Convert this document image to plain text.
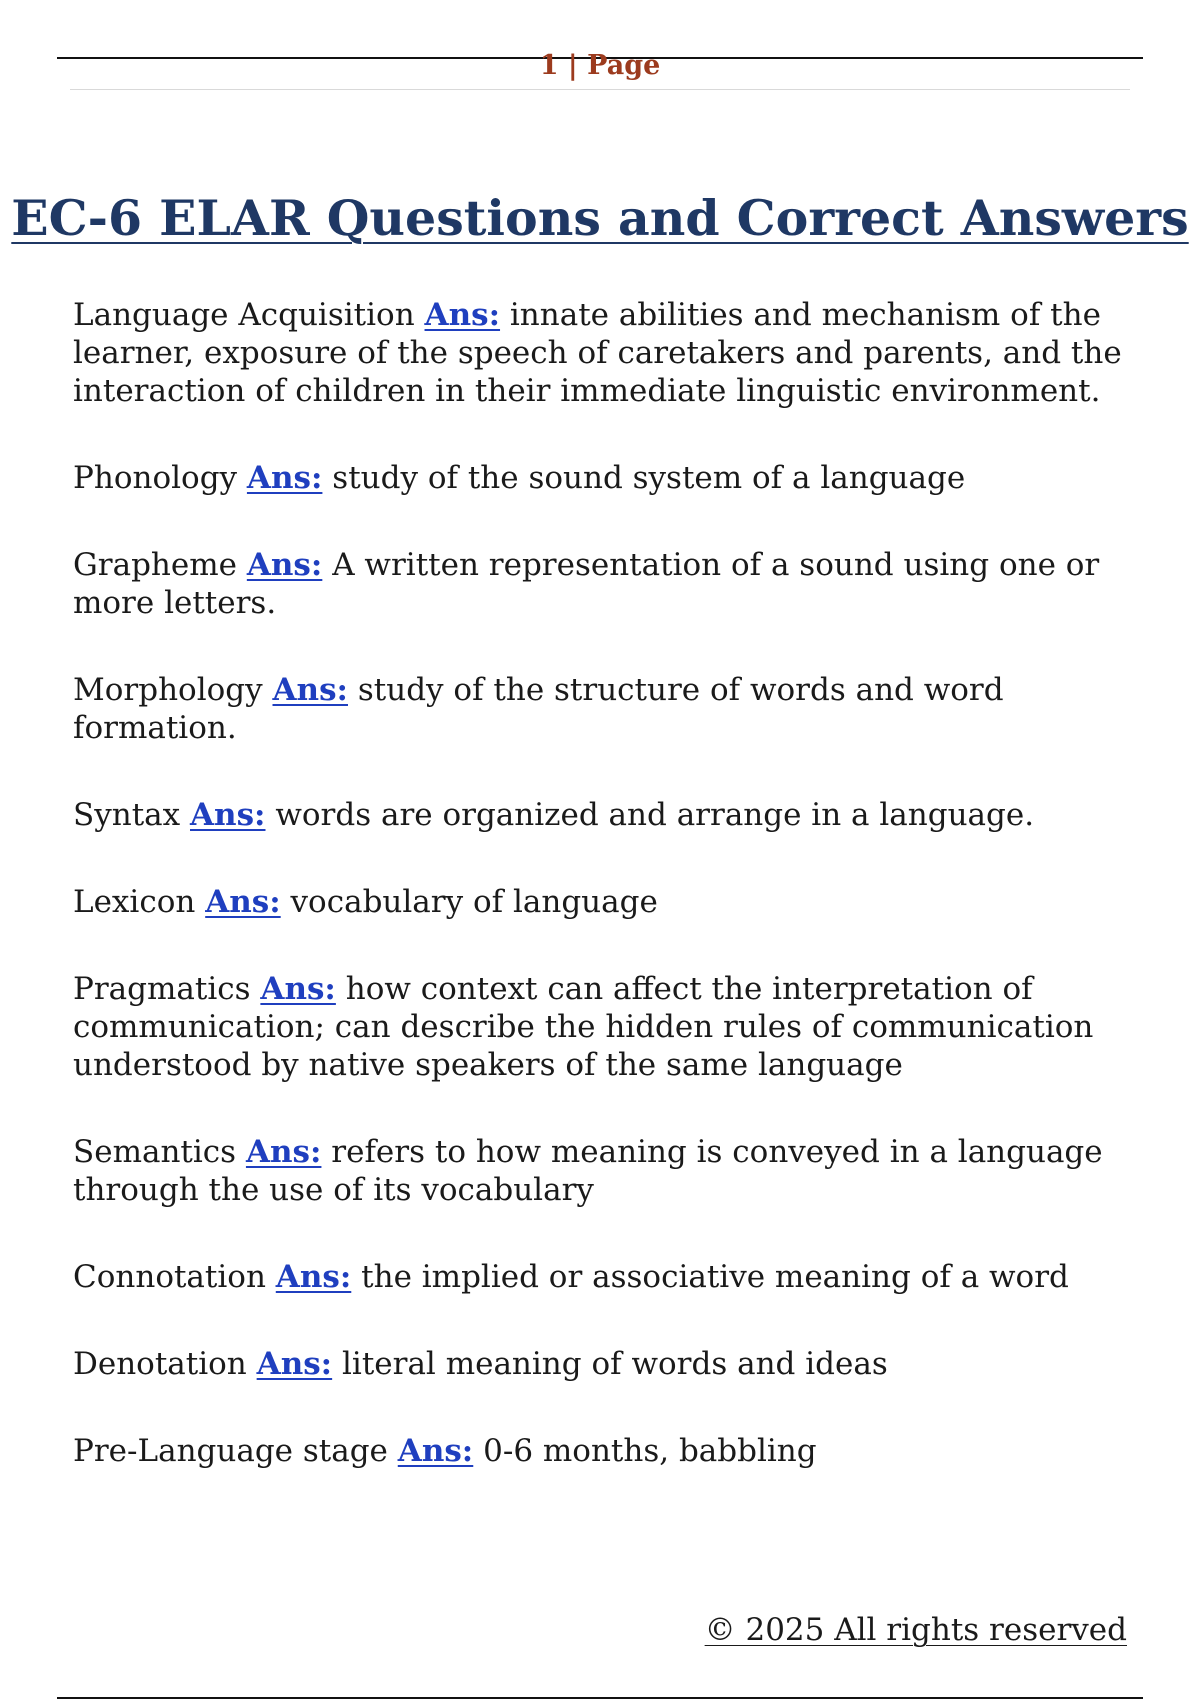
1 | Page
EC-6 ELAR Questions and Correct Answers

Language Acquisition Ans: innate abilities and mechanism of the learner, exposure of the speech of caretakers and parents, and the interaction of children in their immediate linguistic environment.

Phonology Ans: study of the sound system of a language

Grapheme Ans: A written representation of a sound using one or more letters.

Morphology Ans: study of the structure of words and word formation.

Syntax Ans: words are organized and arrange in a language.

Lexicon Ans: vocabulary of language

Pragmatics Ans: how context can affect the interpretation of communication; can describe the hidden rules of communication understood by native speakers of the same language

Semantics Ans: refers to how meaning is conveyed in a language through the use of its vocabulary

Connotation Ans: the implied or associative meaning of a word

Denotation Ans: literal meaning of words and ideas

Pre-Language stage Ans: 0-6 months, babbling

© 2025 All rights reserved
